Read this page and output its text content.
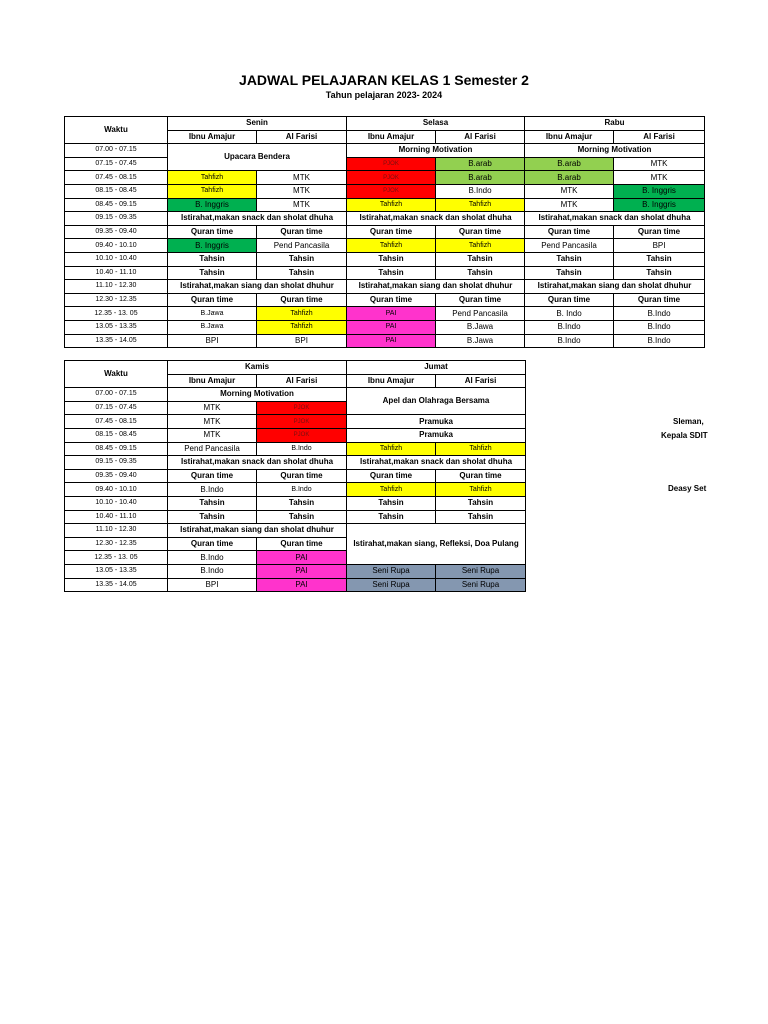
JADWAL PELAJARAN KELAS 1 Semester 2
Tahun pelajaran 2023- 2024
Waktu	Senin		Selasa		Rabu	
	Ibnu Amajur	Al Farisi	Ibnu Amajur	Al Farisi	Ibnu Amajur	Al Farisi
07.00 - 07.15	Upacara Bendera		Morning Motivation		Morning Motivation	
07.15 - 07.45			PJOK	B.arab	B.arab	MTK
07.45 - 08.15	Tahfizh	MTK	PJOK	B.arab	B.arab	MTK
08.15 - 08.45	Tahfizh	MTK	PJOK	B.Indo	MTK	B. Inggris
08.45 - 09.15	B. Inggris	MTK	Tahfizh	Tahfizh	MTK	B. Inggris
09.15 - 09.35	Istirahat,makan snack dan sholat dhuha		Istirahat,makan snack dan sholat dhuha		Istirahat,makan snack dan sholat dhuha	
09.35 - 09.40	Quran time	Quran time	Quran time	Quran time	Quran time	Quran time
09.40 - 10.10	B. Inggris	Pend Pancasila	Tahfizh	Tahfizh	Pend Pancasila	BPI
10.10 - 10.40	Tahsin	Tahsin	Tahsin	Tahsin	Tahsin	Tahsin
10.40 - 11.10	Tahsin	Tahsin	Tahsin	Tahsin	Tahsin	Tahsin
11.10 - 12.30	Istirahat,makan siang dan sholat dhuhur		Istirahat,makan siang dan sholat dhuhur		Istirahat,makan siang dan sholat dhuhur	
12.30 - 12.35	Quran time	Quran time	Quran time	Quran time	Quran time	Quran time
12.35 - 13. 05	B.Jawa	Tahfizh	PAI	Pend Pancasila	B. Indo	B.Indo
13.05 - 13.35	B.Jawa	Tahfizh	PAI	B.Jawa	B.Indo	B.Indo
13.35 - 14.05	BPI	BPI	PAI	B.Jawa	B.Indo	B.Indo
Waktu	Kamis		Jumat	
	Ibnu Amajur	Al Farisi	Ibnu Amajur	Al Farisi
07.00 - 07.15	Morning Motivation		Apel dan Olahraga Bersama	
07.15 - 07.45	MTK	PJOK		
07.45 - 08.15	MTK	PJOK	Pramuka	
08.15 - 08.45	MTK	PJOK	Pramuka	
08.45 - 09.15	Pend Pancasila	B.Indo	Tahfizh	Tahfizh
09.15 - 09.35	Istirahat,makan snack dan sholat dhuha		Istirahat,makan snack dan sholat dhuha	
09.35 - 09.40	Quran time	Quran time	Quran time	Quran time
09.40 - 10.10	B.Indo	B.Indo	Tahfizh	Tahfizh
10.10 - 10.40	Tahsin	Tahsin	Tahsin	Tahsin
10.40 - 11.10	Tahsin	Tahsin	Tahsin	Tahsin
11.10 - 12.30	Istirahat,makan siang dan sholat dhuhur		Istirahat,makan siang, Refleksi, Doa Pulang	
12.30 - 12.35	Quran time	Quran time		
12.35 - 13. 05	B.Indo	PAI		
13.05 - 13.35	B.Indo	PAI	Seni Rupa	Seni Rupa
13.35 - 14.05	BPI	PAI	Seni Rupa	Seni Rupa
Sleman,
Kepala SDIT
Deasy Set
